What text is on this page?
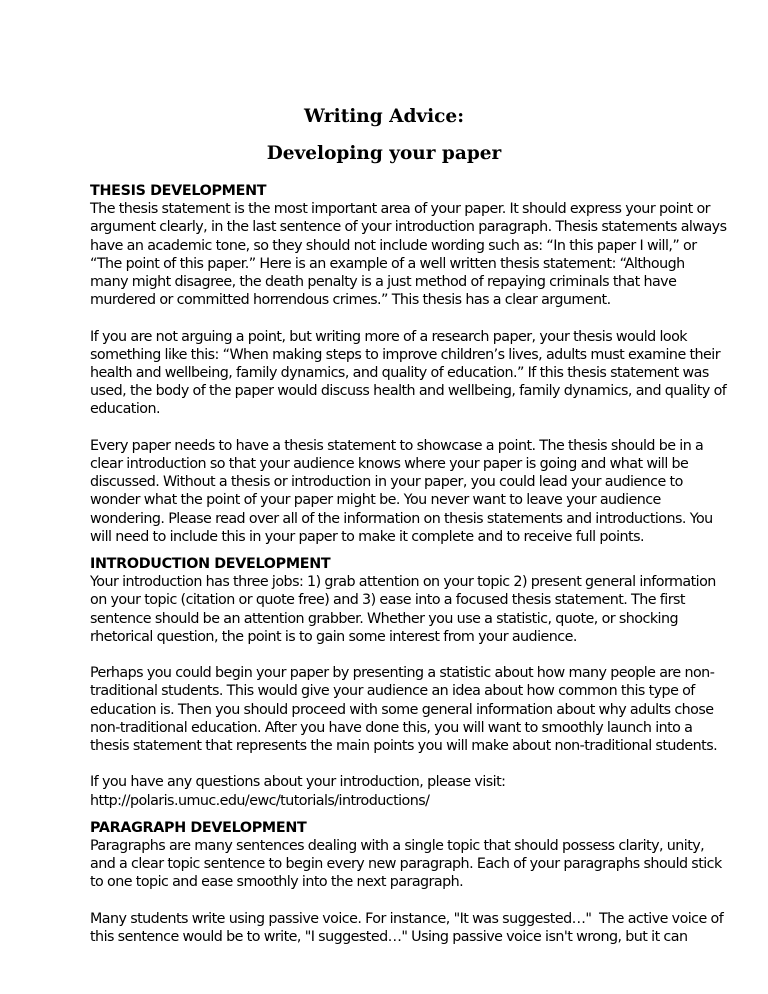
Writing Advice:
Developing your paper
THESIS DEVELOPMENT
The thesis statement is the most important area of your paper. It should express your point or
argument clearly, in the last sentence of your introduction paragraph. Thesis statements always
have an academic tone, so they should not include wording such as: “In this paper I will,” or
“The point of this paper.” Here is an example of a well written thesis statement: “Although
many might disagree, the death penalty is a just method of repaying criminals that have
murdered or committed horrendous crimes.” This thesis has a clear argument.
If you are not arguing a point, but writing more of a research paper, your thesis would look
something like this: “When making steps to improve children’s lives, adults must examine their
health and wellbeing, family dynamics, and quality of education.” If this thesis statement was
used, the body of the paper would discuss health and wellbeing, family dynamics, and quality of
education.
Every paper needs to have a thesis statement to showcase a point. The thesis should be in a
clear introduction so that your audience knows where your paper is going and what will be
discussed. Without a thesis or introduction in your paper, you could lead your audience to
wonder what the point of your paper might be. You never want to leave your audience
wondering. Please read over all of the information on thesis statements and introductions. You
will need to include this in your paper to make it complete and to receive full points.
INTRODUCTION DEVELOPMENT
Your introduction has three jobs: 1) grab attention on your topic 2) present general information
on your topic (citation or quote free) and 3) ease into a focused thesis statement. The first
sentence should be an attention grabber. Whether you use a statistic, quote, or shocking
rhetorical question, the point is to gain some interest from your audience.
Perhaps you could begin your paper by presenting a statistic about how many people are non-
traditional students. This would give your audience an idea about how common this type of
education is. Then you should proceed with some general information about why adults chose
non-traditional education. After you have done this, you will want to smoothly launch into a
thesis statement that represents the main points you will make about non-traditional students.
If you have any questions about your introduction, please visit:
http://polaris.umuc.edu/ewc/tutorials/introductions/
PARAGRAPH DEVELOPMENT
Paragraphs are many sentences dealing with a single topic that should possess clarity, unity,
and a clear topic sentence to begin every new paragraph. Each of your paragraphs should stick
to one topic and ease smoothly into the next paragraph.
Many students write using passive voice. For instance, "It was suggested…"  The active voice of
this sentence would be to write, "I suggested…" Using passive voice isn't wrong, but it can
